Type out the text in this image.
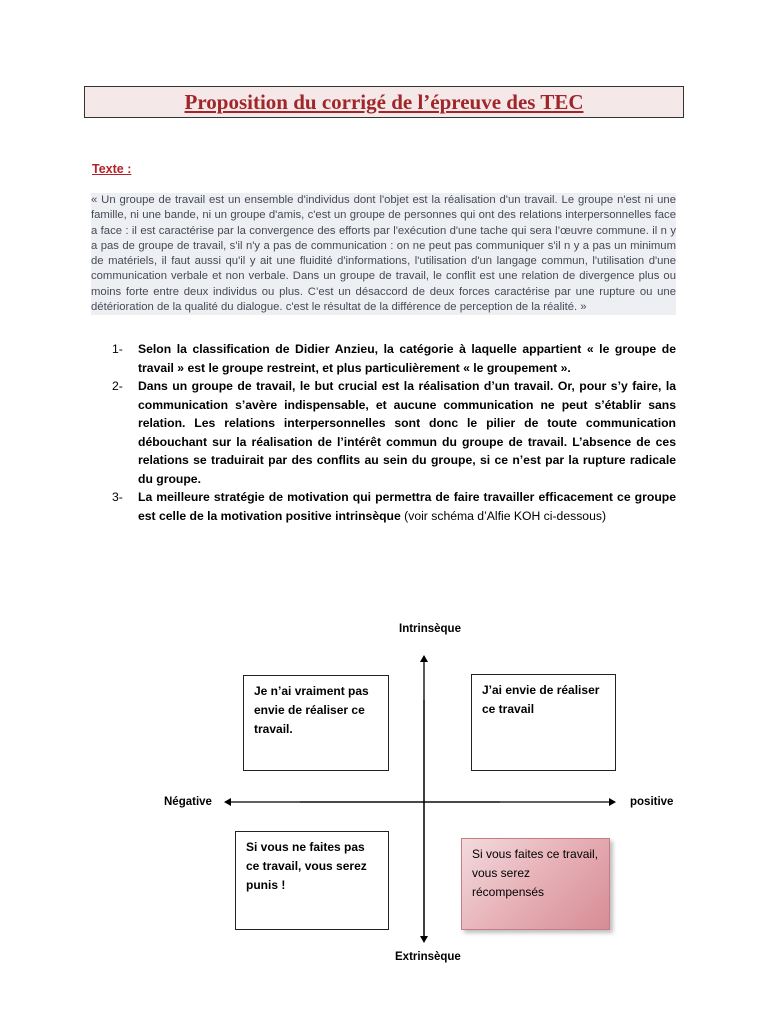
Proposition du corrigé de l’épreuve des TEC
Texte :
« Un groupe de travail est un ensemble d'individus dont l'objet est la réalisation d'un travail. Le groupe n'est ni une famille, ni une bande, ni un groupe d'amis, c'est un groupe de personnes qui ont des relations interpersonnelles face a face : il est caractérise par la convergence des efforts par l'exécution d'une tache qui sera l’œuvre commune. il n y a pas de groupe de travail, s'il n'y a pas de communication : on ne peut pas communiquer s'il n y a pas un minimum de matériels, il faut aussi qu'il y ait une fluidité d'informations, l'utilisation d'un langage commun, l'utilisation d'une communication verbale et non verbale. Dans un groupe de travail, le conflit est une relation de divergence plus ou moins forte entre deux individus ou plus. C’est un désaccord de deux forces caractérise par une rupture ou une détérioration de la qualité du dialogue. c'est le résultat de la différence de perception de la réalité. »
1- Selon la classification de Didier Anzieu, la catégorie à laquelle appartient « le groupe de travail » est le groupe restreint, et plus particulièrement « le groupement ».
2- Dans un groupe de travail, le but crucial est la réalisation d’un travail. Or, pour s’y faire, la communication s’avère indispensable, et aucune communication ne peut s’établir sans relation. Les relations interpersonnelles sont donc le pilier de toute communication débouchant sur la réalisation de l’intérêt commun du groupe de travail. L’absence de ces relations se traduirait par des conflits au sein du groupe, si ce n’est par la rupture radicale du groupe.
3- La meilleure stratégie de motivation qui permettra de faire travailler efficacement ce groupe est celle de la motivation positive intrinsèque (voir schéma d’Alfie KOH ci-dessous)
Intrinsèque
Extrinsèque
Négative	positive
Je n’ai vraiment pas envie de réaliser ce travail.
J’ai envie de réaliser ce travail
Si vous ne faites pas ce travail, vous serez punis !
Si vous faites ce travail, vous serez récompensés
